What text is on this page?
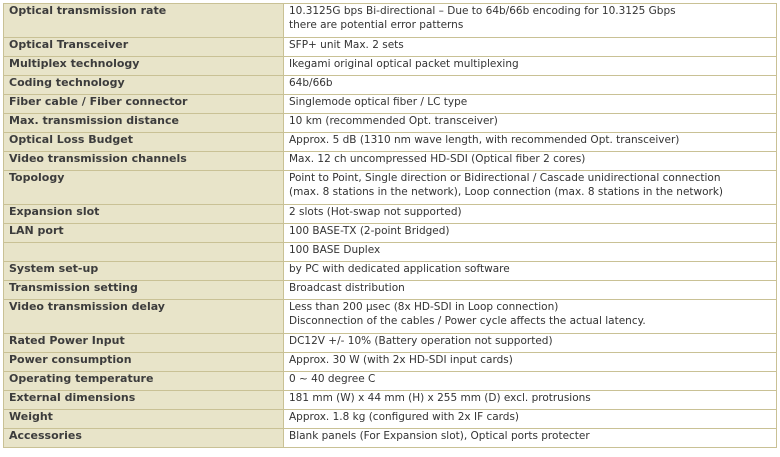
Optical transmission rate	10.3125G bps Bi-directional – Due to 64b/66b encoding for 10.3125 Gbps
there are potential error patterns
Optical Transceiver	SFP+ unit Max. 2 sets
Multiplex technology	Ikegami original optical packet multiplexing
Coding technology	64b/66b
Fiber cable / Fiber connector	Singlemode optical fiber / LC type
Max. transmission distance	10 km (recommended Opt. transceiver)
Optical Loss Budget	Approx. 5 dB (1310 nm wave length, with recommended Opt. transceiver)
Video transmission channels	Max. 12 ch uncompressed HD-SDI (Optical fiber 2 cores)
Topology	Point to Point, Single direction or Bidirectional / Cascade unidirectional connection
(max. 8 stations in the network), Loop connection (max. 8 stations in the network)
Expansion slot	2 slots (Hot-swap not supported)
LAN port	100 BASE-TX (2-point Bridged)
	100 BASE Duplex
System set-up	by PC with dedicated application software
Transmission setting	Broadcast distribution
Video transmission delay	Less than 200 µsec (8x HD-SDI in Loop connection)
Disconnection of the cables / Power cycle affects the actual latency.
Rated Power Input	DC12V +/- 10% (Battery operation not supported)
Power consumption	Approx. 30 W (with 2x HD-SDI input cards)
Operating temperature	0 ~ 40 degree C
External dimensions	181 mm (W) x 44 mm (H) x 255 mm (D) excl. protrusions
Weight	Approx. 1.8 kg (configured with 2x IF cards)
Accessories	Blank panels (For Expansion slot), Optical ports protecter
